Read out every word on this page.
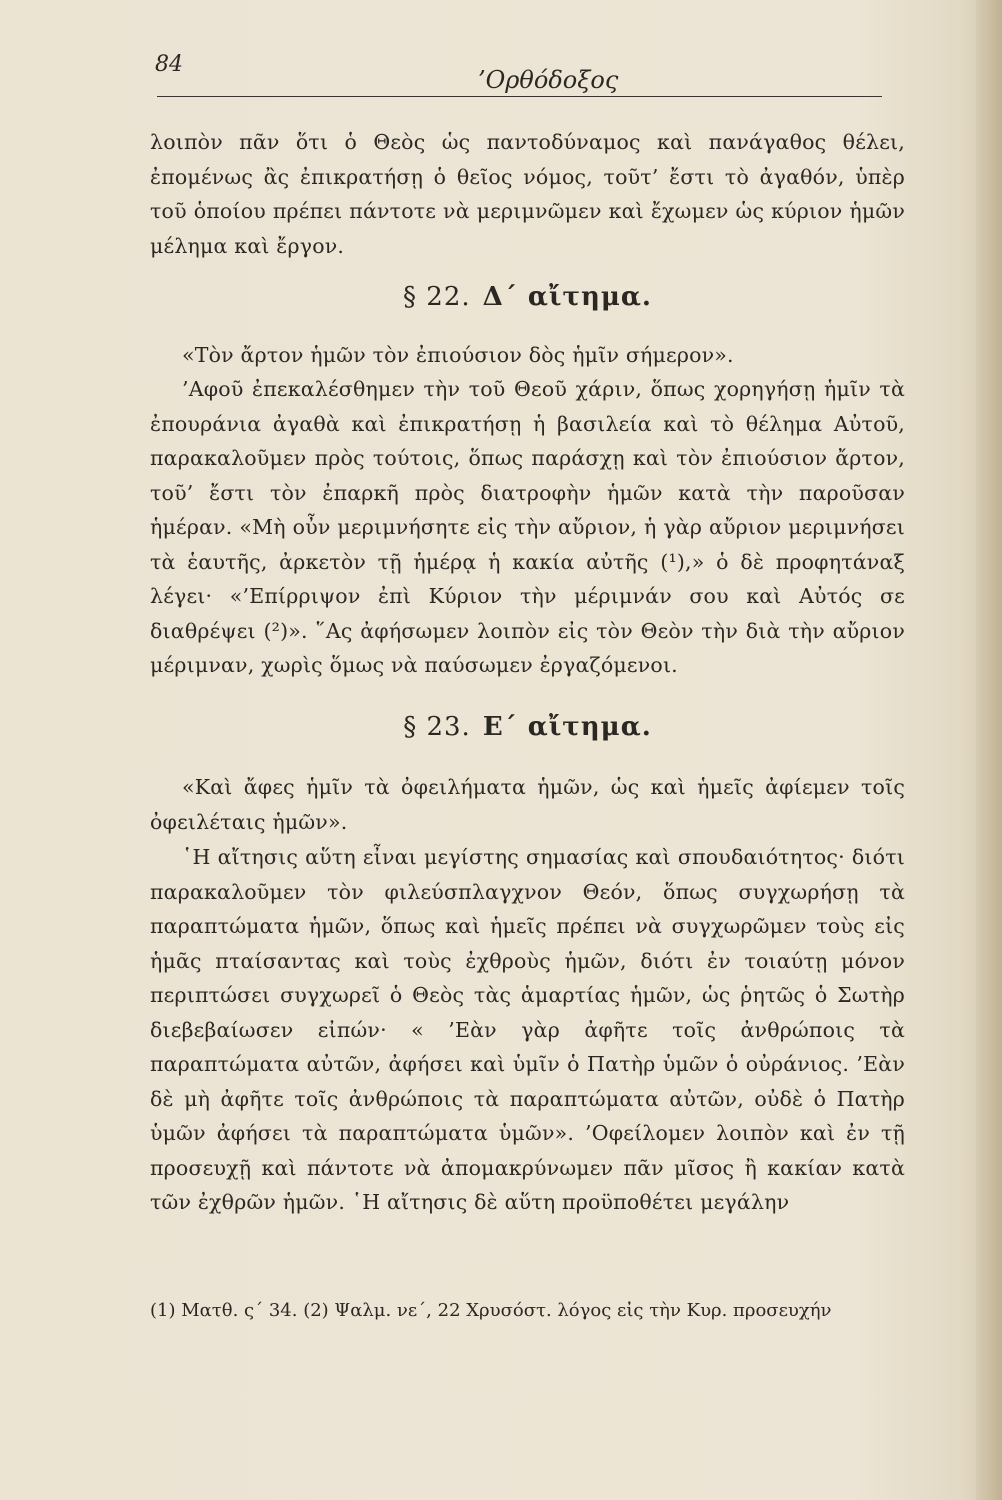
84
’Ορθόδοξος
λοιπὸν πᾶν ὅτι ὁ Θεὸς ὡς παντοδύναμος καὶ πανάγαθος θέλει, ἐπομένως ἂς ἐπικρατήσῃ ὁ θεῖος νόμος, τοῦτ’ ἔστι τὸ ἀγαθόν, ὑπὲρ τοῦ ὁποίου πρέπει πάντοτε νὰ μεριμνῶμεν καὶ ἔχωμεν ὡς κύριον ἡμῶν μέλημα καὶ ἔργον.
§ 22. Δ΄ αἴτημα.
«Τὸν ἄρτον ἡμῶν τὸν ἐπιούσιον δὸς ἡμῖν σήμερον».
’Αφοῦ ἐπεκαλέσθημεν τὴν τοῦ Θεοῦ χάριν, ὅπως χορηγήσῃ ἡμῖν τὰ ἐπουράνια ἀγαθὰ καὶ ἐπικρατήσῃ ἡ βασιλεία καὶ τὸ θέλημα Αὐτοῦ, παρακαλοῦμεν πρὸς τούτοις, ὅπως παράσχῃ καὶ τὸν ἐπιούσιον ἄρτον, τοῦ’ ἔστι τὸν ἐπαρκῆ πρὸς διατροφὴν ἡμῶν κατὰ τὴν παροῦσαν ἡμέραν. «Μὴ οὖν μεριμνήσητε εἰς τὴν αὔριον, ἡ γὰρ αὔριον μεριμνήσει τὰ ἑαυτῆς, ἀρκετὸν τῇ ἡμέρᾳ ἡ κακία αὐτῆς (¹),» ὁ δὲ προφητάναξ λέγει· «’Επίρριψον ἐπὶ Κύριον τὴν μέριμνάν σου καὶ Αὐτός σε διαθρέψει (²)». ῞Ας ἀφήσωμεν λοιπὸν εἰς τὸν Θεὸν τὴν διὰ τὴν αὔριον μέριμναν, χωρὶς ὅμως νὰ παύσωμεν ἐργαζόμενοι.
§ 23. Ε΄ αἴτημα.
«Καὶ ἄφες ἡμῖν τὰ ὀφειλήματα ἡμῶν, ὡς καὶ ἡμεῖς ἀφίεμεν τοῖς ὀφειλέταις ἡμῶν».
῾Η αἴτησις αὕτη εἶναι μεγίστης σημασίας καὶ σπουδαιότητος· διότι παρακαλοῦμεν τὸν φιλεύσπλαγχνον Θεόν, ὅπως συγχωρήσῃ τὰ παραπτώματα ἡμῶν, ὅπως καὶ ἡμεῖς πρέπει νὰ συγχωρῶμεν τοὺς εἰς ἡμᾶς πταίσαντας καὶ τοὺς ἐχθροὺς ἡμῶν, διότι ἐν τοιαύτῃ μόνον περιπτώσει συγχωρεῖ ὁ Θεὸς τὰς ἁμαρτίας ἡμῶν, ὡς ῥητῶς ὁ Σωτὴρ διεβεβαίωσεν εἰπών· « ’Εὰν γὰρ ἀφῆτε τοῖς ἀνθρώποις τὰ παραπτώματα αὐτῶν, ἀφήσει καὶ ὑμῖν ὁ Πατὴρ ὑμῶν ὁ οὐράνιος. ’Εὰν δὲ μὴ ἀφῆτε τοῖς ἀνθρώποις τὰ παραπτώματα αὐτῶν, οὐδὲ ὁ Πατὴρ ὑμῶν ἀφήσει τὰ παραπτώματα ὑμῶν». ’Οφείλομεν λοιπὸν καὶ ἐν τῇ προσευχῇ καὶ πάντοτε νὰ ἀπομακρύνωμεν πᾶν μῖσος ἢ κακίαν κατὰ τῶν ἐχθρῶν ἡμῶν. ῾Η αἴτησις δὲ αὕτη προϋποθέτει μεγάλην
(1) Ματθ. ς΄ 34. (2) Ψαλμ. νε΄, 22 Χρυσόστ. λόγος εἰς τὴν Κυρ. προσευχήν
